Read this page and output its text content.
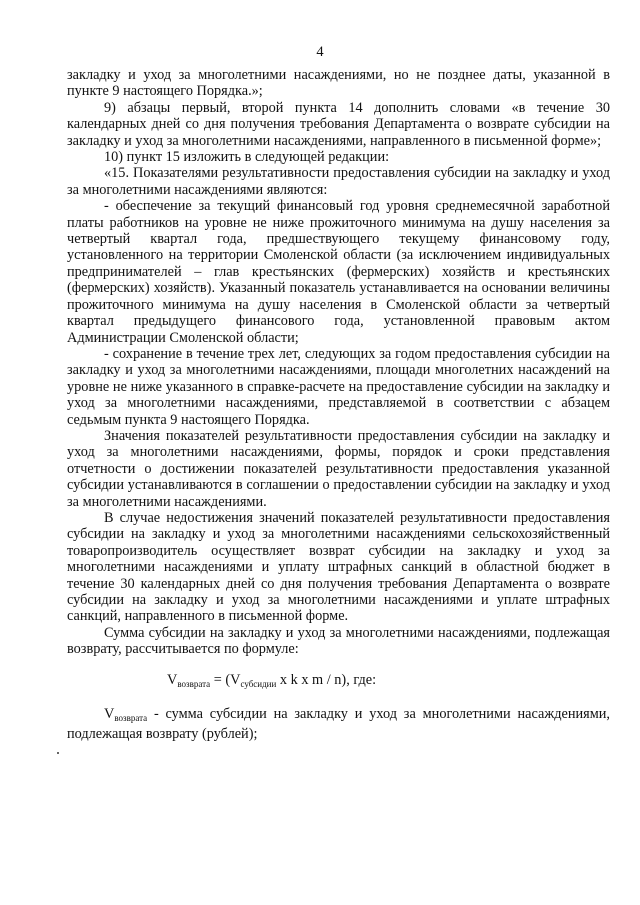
4

закладку и уход за многолетними насаждениями, но не позднее даты, указанной в пункте 9 настоящего Порядка.»;

9) абзацы первый, второй пункта 14 дополнить словами «в течение 30 календарных дней со дня получения требования Департамента о возврате субсидии на закладку и уход за многолетними насаждениями, направленного в письменной форме»;

10) пункт 15 изложить в следующей редакции:

«15. Показателями результативности предоставления субсидии на закладку и уход за многолетними насаждениями являются:

- обеспечение за текущий финансовый год уровня среднемесячной заработной платы работников на уровне не ниже прожиточного минимума на душу населения за четвертый квартал года, предшествующего текущему финансовому году, установленного на территории Смоленской области (за исключением индивидуальных предпринимателей – глав крестьянских (фермерских) хозяйств и крестьянских (фермерских) хозяйств). Указанный показатель устанавливается на основании величины прожиточного минимума на душу населения в Смоленской области за четвертый квартал предыдущего финансового года, установленной правовым актом Администрации Смоленской области;

- сохранение в течение трех лет, следующих за годом предоставления субсидии на закладку и уход за многолетними насаждениями, площади многолетних насаждений на уровне не ниже указанного в справке-расчете на предоставление субсидии на закладку и уход за многолетними насаждениями, представляемой в соответствии с абзацем седьмым пункта 9 настоящего Порядка.

Значения показателей результативности предоставления субсидии на закладку и уход за многолетними насаждениями, формы, порядок и сроки представления отчетности о достижении показателей результативности предоставления указанной субсидии устанавливаются в соглашении о предоставлении субсидии на закладку и уход за многолетними насаждениями.

В случае недостижения значений показателей результативности предоставления субсидии на закладку и уход за многолетними насаждениями сельскохозяйственный товаропроизводитель осуществляет возврат субсидии на закладку и уход за многолетними насаждениями и уплату штрафных санкций в областной бюджет в течение 30 календарных дней со дня получения требования Департамента о возврате субсидии на закладку и уход за многолетними насаждениями и уплате штрафных санкций, направленного в письменной форме.

Сумма субсидии на закладку и уход за многолетними насаждениями, подлежащая возврату, рассчитывается по формуле:

$V_{возврата} = (V_{субсидии}$ x k x m / n), где:

$V_{возврата}$ - сумма субсидии на закладку и уход за многолетними насаждениями, подлежащая возврату (рублей);
